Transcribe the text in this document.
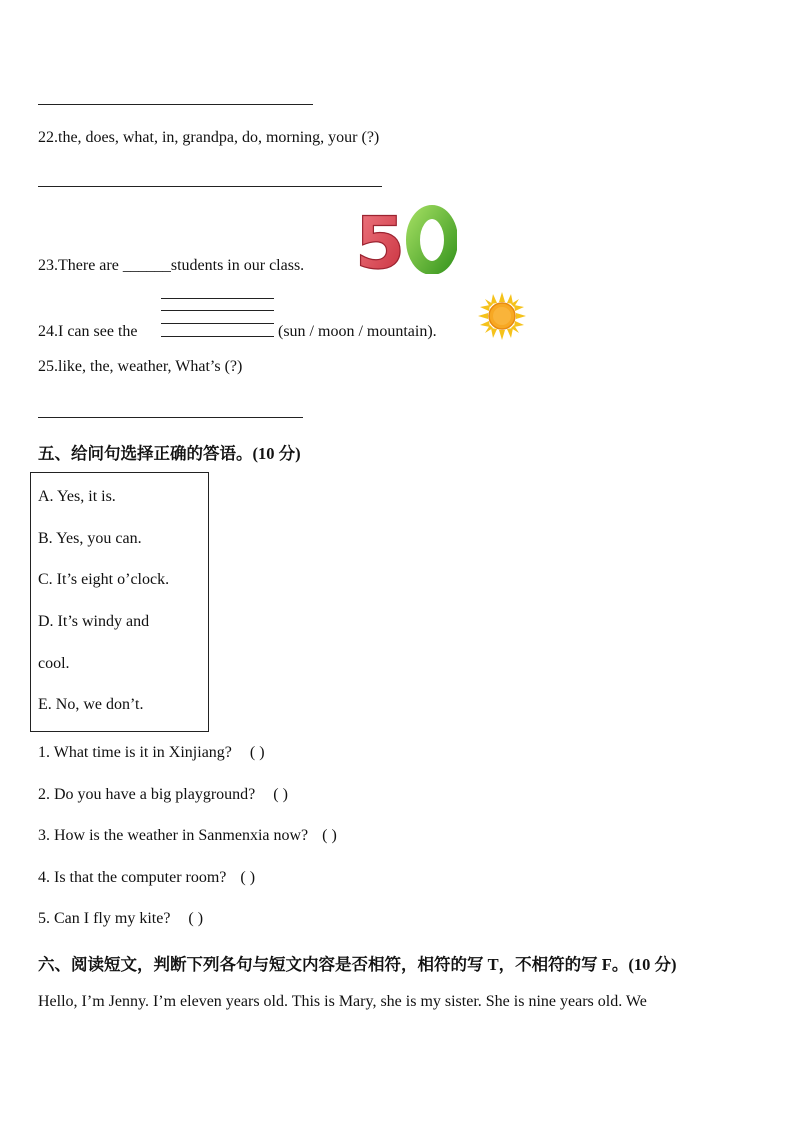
22.the, does, what, in, grandpa, do, morning, your (?)
23.There are ______students in our class. 5
24.I can see the	(sun / moon / mountain).
25.like, the, weather, What’s (?)
五、给问句选择正确的答语。(10 分)
A. Yes, it is.
B. Yes, you can.
C. It’s eight o’clock.
D. It’s windy and
cool.
E. No, we don’t.
1. What time is it in Xinjiang? ( )
2. Do you have a big playground? ( )
3. How is the weather in Sanmenxia now? ( )
4. Is that the computer room? ( )
5. Can I fly my kite? ( )
六、阅读短文，判断下列各句与短文内容是否相符，相符的写 T，不相符的写 F。(10 分)
Hello, I’m Jenny. I’m eleven years old. This is Mary, she is my sister. She is nine years old. We
